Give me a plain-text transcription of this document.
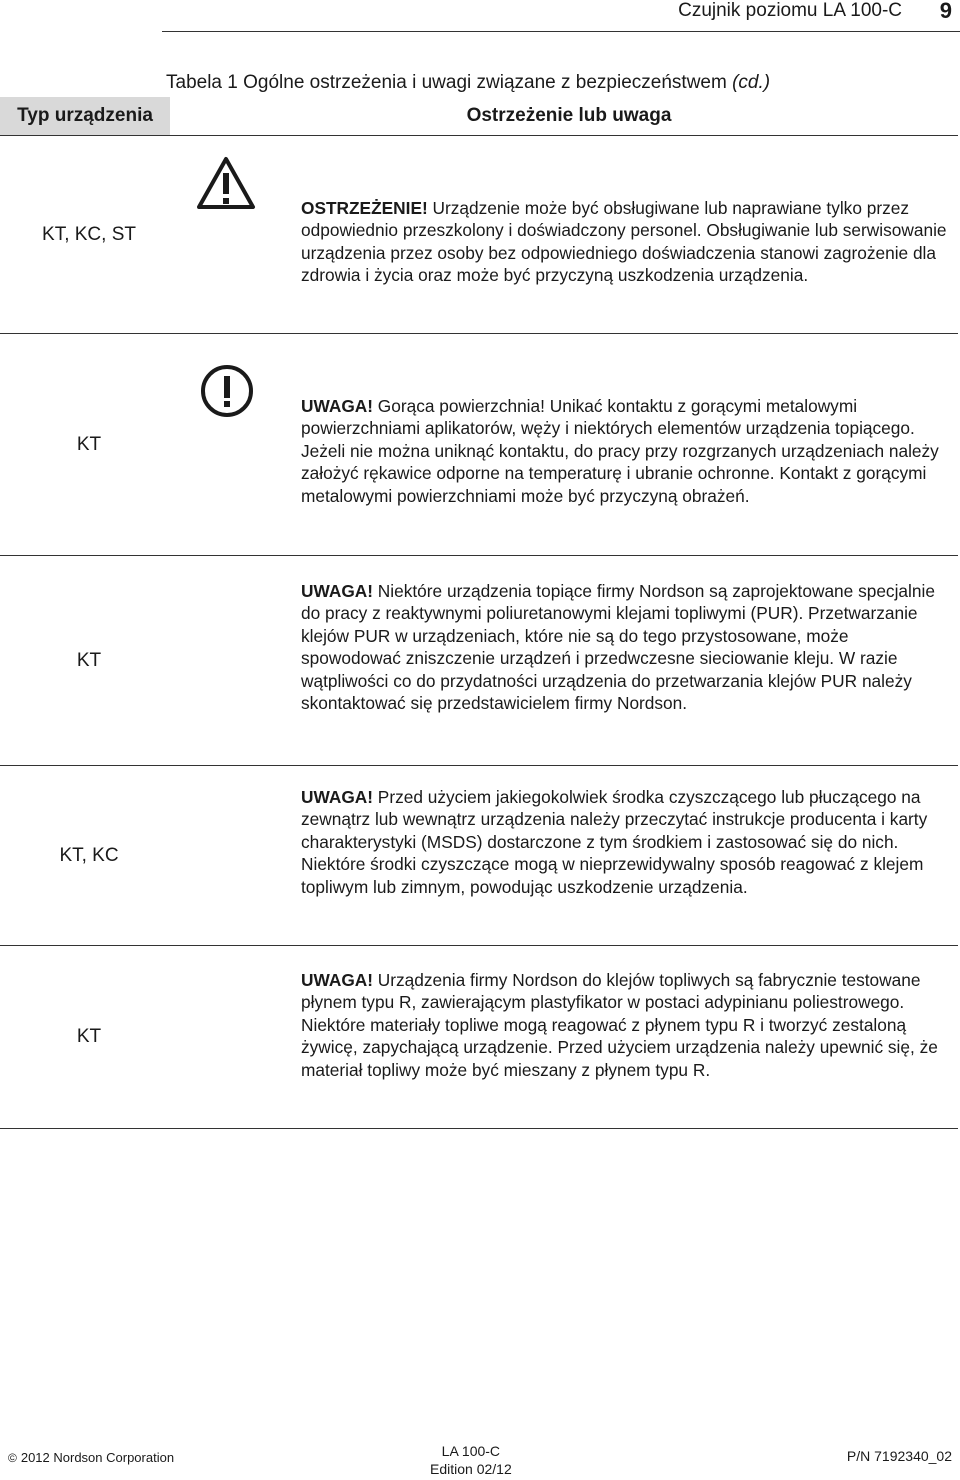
Czujnik poziomu LA 100-C 9
Tabela 1 Ogólne ostrzeżenia i uwagi związane z bezpieczeństwem (cd.)
Typ urządzenia	Ostrzeżenie lub uwaga
KT, KC, ST
OSTRZEŻENIE! Urządzenie może być obsługiwane lub naprawiane tylko przez odpowiednio przeszkolony i doświadczony personel. Obsługiwanie lub serwisowanie urządzenia przez osoby bez odpowiedniego doświadczenia stanowi zagrożenie dla zdrowia i życia oraz może być przyczyną uszkodzenia urządzenia.
KT
UWAGA! Gorąca powierzchnia! Unikać kontaktu z gorącymi metalowymi powierzchniami aplikatorów, węży i niektórych elementów urządzenia topiącego. Jeżeli nie można uniknąć kontaktu, do pracy przy rozgrzanych urządzeniach należy założyć rękawice odporne na temperaturę i ubranie ochronne. Kontakt z gorącymi metalowymi powierzchniami może być przyczyną obrażeń.
KT
UWAGA! Niektóre urządzenia topiące firmy Nordson są zaprojektowane specjalnie do pracy z reaktywnymi poliuretanowymi klejami topliwymi (PUR). Przetwarzanie klejów PUR w urządzeniach, które nie są do tego przystosowane, może spowodować zniszczenie urządzeń i przedwczesne sieciowanie kleju. W razie wątpliwości co do przydatności urządzenia do przetwarzania klejów PUR należy skontaktować się przedstawicielem firmy Nordson.
KT, KC
UWAGA! Przed użyciem jakiegokolwiek środka czyszczącego lub płuczącego na zewnątrz lub wewnątrz urządzenia należy przeczytać instrukcje producenta i karty charakterystyki (MSDS) dostarczone z tym środkiem i zastosować się do nich. Niektóre środki czyszczące mogą w nieprzewidywalny sposób reagować z klejem topliwym lub zimnym, powodując uszkodzenie urządzenia.
KT
UWAGA! Urządzenia firmy Nordson do klejów topliwych są fabrycznie testowane płynem typu R, zawierającym plastyfikator w postaci adypinianu poliestrowego. Niektóre materiały topliwe mogą reagować z płynem typu R i tworzyć zestaloną żywicę, zapychającą urządzenie. Przed użyciem urządzenia należy upewnić się, że materiał topliwy może być mieszany z płynem typu R.
© 2012 Nordson Corporation	LA 100-C
Edition 02/12
P/N 7192340_02
